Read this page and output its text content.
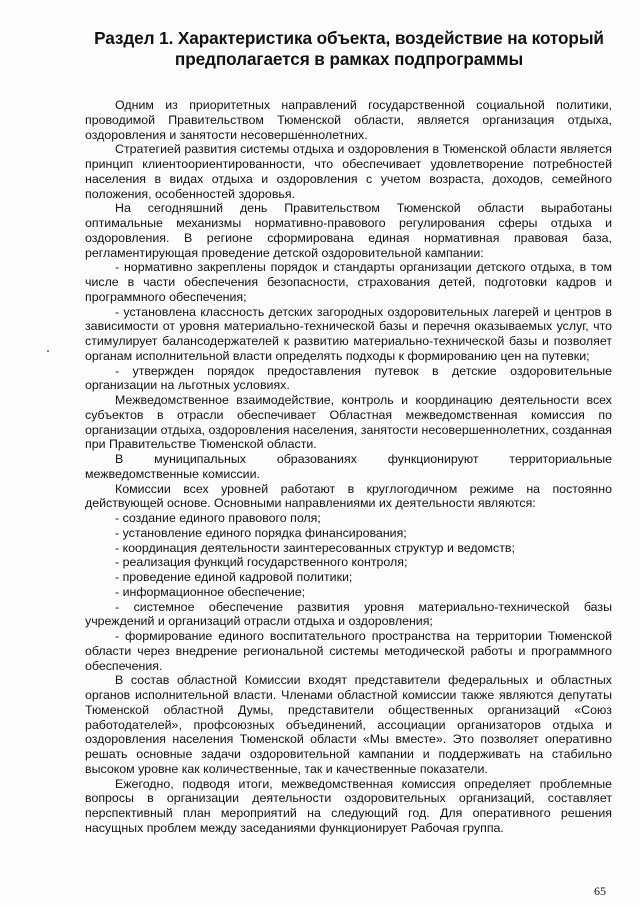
Раздел 1. Характеристика объекта, воздействие на который предполагается в рамках подпрограммы

Одним из приоритетных направлений государственной социальной политики, проводимой Правительством Тюменской области, является организация отдыха, оздоровления и занятости несовершеннолетних.

Стратегией развития системы отдыха и оздоровления в Тюменской области является принцип клиентоориентированности, что обеспечивает удовлетворение потребностей населения в видах отдыха и оздоровления с учетом возраста, доходов, семейного положения, особенностей здоровья.

На сегодняшний день Правительством Тюменской области выработаны оптимальные механизмы нормативно-правового регулирования сферы отдыха и оздоровления. В регионе сформирована единая нормативная правовая база, регламентирующая проведение детской оздоровительной кампании:

- нормативно закреплены порядок и стандарты организации детского отдыха, в том числе в части обеспечения безопасности, страхования детей, подготовки кадров и программного обеспечения;

- установлена классность детских загородных оздоровительных лагерей и центров в зависимости от уровня материально-технической базы и перечня оказываемых услуг, что стимулирует балансодержателей к развитию материально-технической базы и позволяет органам исполнительной власти определять подходы к формированию цен на путевки;

- утвержден порядок предоставления путевок в детские оздоровительные организации на льготных условиях.

Межведомственное взаимодействие, контроль и координацию деятельности всех субъектов в отрасли обеспечивает Областная межведомственная комиссия по организации отдыха, оздоровления населения, занятости несовершеннолетних, созданная при Правительстве Тюменской области.

В муниципальных образованиях функционируют территориальные межведомственные комиссии.

Комиссии всех уровней работают в круглогодичном режиме на постоянно действующей основе. Основными направлениями их деятельности являются:

- создание единого правового поля;

- установление единого порядка финансирования;

- координация деятельности заинтересованных структур и ведомств;

- реализация функций государственного контроля;

- проведение единой кадровой политики;

- информационное обеспечение;

- системное обеспечение развития уровня материально-технической базы учреждений и организаций отрасли отдыха и оздоровления;

- формирование единого воспитательного пространства на территории Тюменской области через внедрение региональной системы методической работы и программного обеспечения.

В состав областной Комиссии входят представители федеральных и областных органов исполнительной власти. Членами областной комиссии также являются депутаты Тюменской областной Думы, представители общественных организаций «Союз работодателей», профсоюзных объединений, ассоциации организаторов отдыха и оздоровления населения Тюменской области «Мы вместе». Это позволяет оперативно решать основные задачи оздоровительной кампании и поддерживать на стабильно высоком уровне как количественные, так и качественные показатели.

Ежегодно, подводя итоги, межведомственная комиссия определяет проблемные вопросы в организации деятельности оздоровительных организаций, составляет перспективный план мероприятий на следующий год. Для оперативного решения насущных проблем между заседаниями функционирует Рабочая группа.

65
